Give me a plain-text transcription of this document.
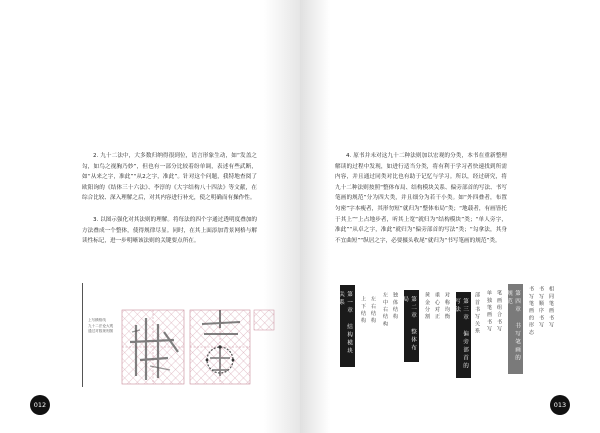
2. 九十二法中，大多数归纳得很到位，语言形象生动，如“发盖之勾，如鸟之视胸乃妙”，但也有一部分比较着纷单调，表述有些武断，如“从来之字，准此”“从2之字，准此”。针对这个问题，我特地查阅了欧阳询的《结体三十六法》、李淳的《大字结构八十四法》等文献，在综合比较、深入理解之后，对其内容进行补充，使之明确而有操作性。

3. 以图示强化对其法则的理解。将每法的四个字通过透明度叠加的方法叠成一个整体，使得规律尽显。同时，在其上面添加背景网格与解读性标记，进一步明晰该法则的关键要点所在。

上写横格线
九十二法论大观
通过对数规则图
012

4. 原书并未对这九十二种法则加以宏观的分类，本书在重新整理解读的过程中发现，如进行适当分类，将有利于学习者快速找到所需内容，并且通过同类对比也有助于记忆与学习。所以，经过研究，将九十二种法则按照“整体布局、结构模块关系、偏旁部首的写法、书写笔画的规范”分为四大类，并且细分为若干小类。如“外四叠者，布置匀密”字本瘦者，其形勿短”就归为“整体布局”类；“地载者，有画皆托于其上”“上占地步者，听其上宽”就归为“结构模块”类；“单人旁字，准此”“从卓之字，准此”就归为“偏旁部首的写法”类；“勾拿法，其身不宜曲短”“纵居之字，必要摄头收尾”就归为“书写笔画的规范”类。

第一章　结构模块关系	上下结构 左右结构 左中右结构 独体结构	第二章　整体布局	黄金分割 重心对正 对称均衡	第三章　偏旁部首的写法	部首书写关系 单独笔画书写 笔画组合书写	第四章　书写笔画的规范	书写笔画的形态 书写顺序书写 相同笔画书写
013
